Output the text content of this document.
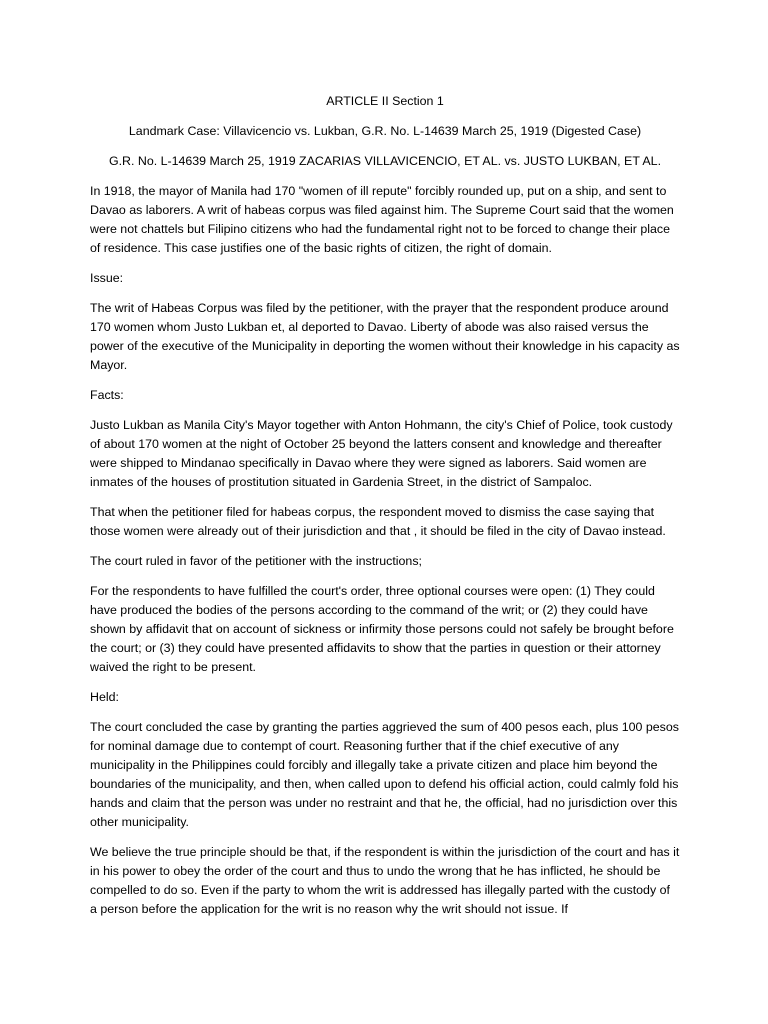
ARTICLE II Section 1

Landmark Case: Villavicencio vs. Lukban, G.R. No. L-14639 March 25, 1919 (Digested Case)

G.R. No. L-14639 March 25, 1919 ZACARIAS VILLAVICENCIO, ET AL. vs. JUSTO LUKBAN, ET AL.

In 1918, the mayor of Manila had 170 "women of ill repute" forcibly rounded up, put on a ship, and sent to Davao as laborers. A writ of habeas corpus was filed against him. The Supreme Court said that the women were not chattels but Filipino citizens who had the fundamental right not to be forced to change their place of residence. This case justifies one of the basic rights of citizen, the right of domain.

Issue:

The writ of Habeas Corpus was filed by the petitioner, with the prayer that the respondent produce around 170 women whom Justo Lukban et, al deported to Davao. Liberty of abode was also raised versus the power of the executive of the Municipality in deporting the women without their knowledge in his capacity as Mayor.

Facts:

Justo Lukban as Manila City's Mayor together with Anton Hohmann, the city's Chief of Police, took custody of about 170 women at the night of October 25 beyond the latters consent and knowledge and thereafter were shipped to Mindanao specifically in Davao where they were signed as laborers. Said women are inmates of the houses of prostitution situated in Gardenia Street, in the district of Sampaloc.

That when the petitioner filed for habeas corpus, the respondent moved to dismiss the case saying that those women were already out of their jurisdiction and that , it should be filed in the city of Davao instead.

The court ruled in favor of the petitioner with the instructions;

For the respondents to have fulfilled the court's order, three optional courses were open: (1) They could have produced the bodies of the persons according to the command of the writ; or (2) they could have shown by affidavit that on account of sickness or infirmity those persons could not safely be brought before the court; or (3) they could have presented affidavits to show that the parties in question or their attorney waived the right to be present.

Held:

The court concluded the case by granting the parties aggrieved the sum of 400 pesos each, plus 100 pesos for nominal damage due to contempt of court. Reasoning further that if the chief executive of any municipality in the Philippines could forcibly and illegally take a private citizen and place him beyond the boundaries of the municipality, and then, when called upon to defend his official action, could calmly fold his hands and claim that the person was under no restraint and that he, the official, had no jurisdiction over this other municipality.

We believe the true principle should be that, if the respondent is within the jurisdiction of the court and has it in his power to obey the order of the court and thus to undo the wrong that he has inflicted, he should be compelled to do so. Even if the party to whom the writ is addressed has illegally parted with the custody of a person before the application for the writ is no reason why the writ should not issue. If
